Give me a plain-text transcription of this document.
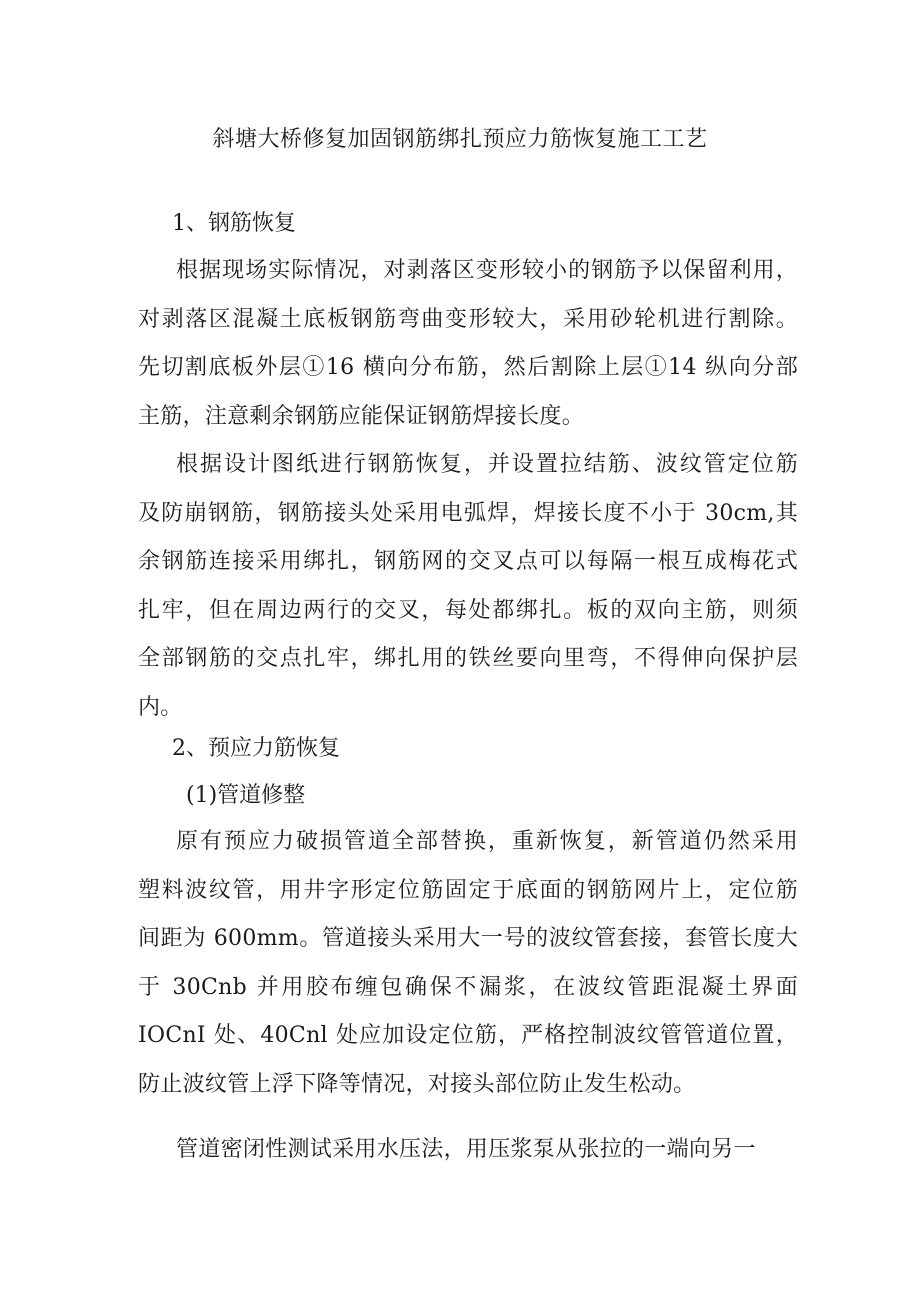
斜塘大桥修复加固钢筋绑扎预应力筋恢复施工工艺
1、钢筋恢复
根据现场实际情况，对剥落区变形较小的钢筋予以保留利用，
对剥落区混凝土底板钢筋弯曲变形较大，采用砂轮机进行割除。
先切割底板外层①16 横向分布筋，然后割除上层①14 纵向分部
主筋，注意剩余钢筋应能保证钢筋焊接长度。
根据设计图纸进行钢筋恢复，并设置拉结筋、波纹管定位筋
及防崩钢筋，钢筋接头处采用电弧焊，焊接长度不小于 30cm,其
余钢筋连接采用绑扎，钢筋网的交叉点可以每隔一根互成梅花式
扎牢，但在周边两行的交叉，每处都绑扎。板的双向主筋，则须
全部钢筋的交点扎牢，绑扎用的铁丝要向里弯，不得伸向保护层
内。
2、预应力筋恢复
(1)管道修整
原有预应力破损管道全部替换，重新恢复，新管道仍然采用
塑料波纹管，用井字形定位筋固定于底面的钢筋网片上，定位筋
间距为 600mm。管道接头采用大一号的波纹管套接，套管长度大
于 30Cnb 并用胶布缠包确保不漏浆，在波纹管距混凝土界面
IOCnI 处、40Cnl 处应加设定位筋，严格控制波纹管管道位置，
防止波纹管上浮下降等情况，对接头部位防止发生松动。
管道密闭性测试采用水压法，用压浆泵从张拉的一端向另一
